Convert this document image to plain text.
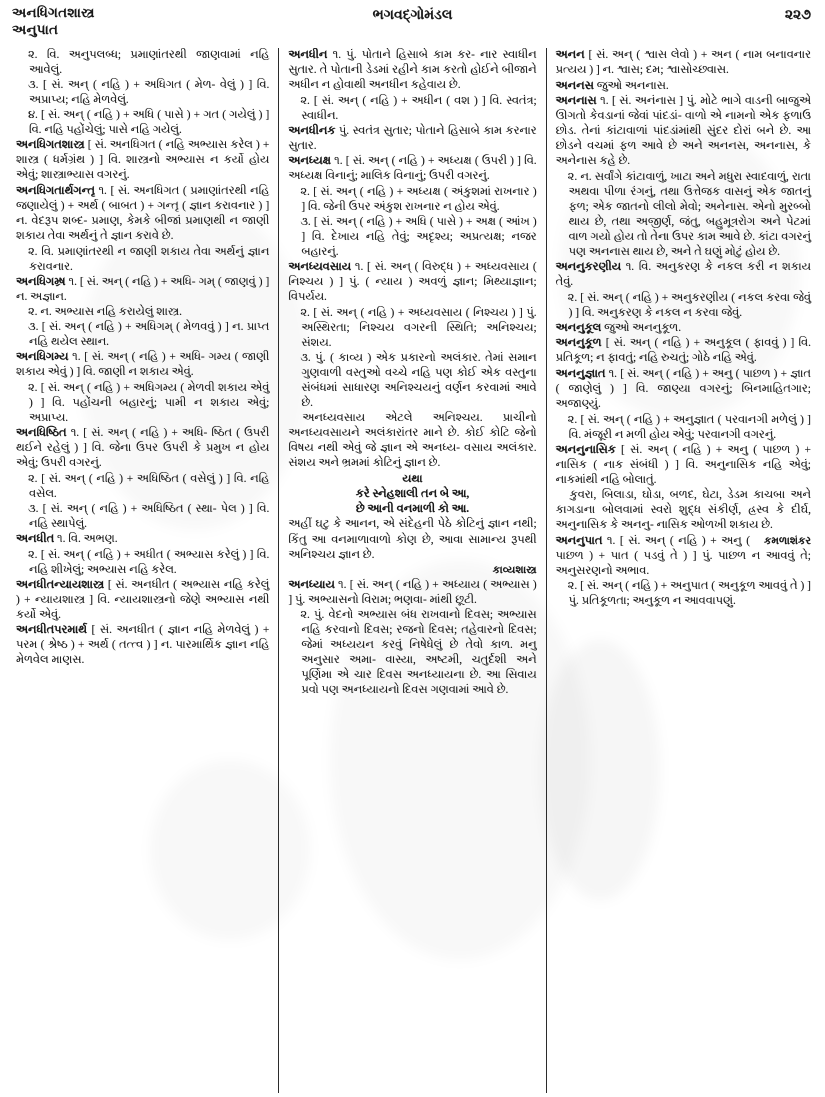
અનધિગતશાસ્ત્ર
અનુપાત
ભગવદ્ગોમંડલ	૨૨૭

૨. વિ. અનુપલબ્ધ; પ્રમાણાંતરથી જાણવામાં નહિ આવેલું.

૩. [ સં. અન્ ( નહિ ) + અધિગત ( મેળ- વેલું ) ] વિ. અપ્રાપ્ય; નહિ મેળવેલું.

૪. [ સં. અન્ ( નહિ ) + અધિ ( પાસે ) + ગત ( ગયેલું ) ] વિ. નહિ પહોંચેલું; પાસે નહિ ગયેલું.

અનધિગતશાસ્ત્ર [ સં. અનધિગત ( નહિ અભ્યાસ કરેલ ) + શાસ્ત્ર ( ધર્મગ્રંથ ) ] વિ. શાસ્ત્રનો અભ્યાસ ન કર્યો હોય એવું; શાસ્ત્રાભ્યાસ વગરનું.

અનધિગતાર્થગન્તૃ ૧. [ સં. અનધિગત ( પ્રમાણાંતરથી નહિ જણાયેલું ) + અર્થ ( બાબત ) + ગન્તૃ ( જ્ઞાન કરાવનાર ) ] ન. વેદરૂપ શબ્દ- પ્રમાણ, કેમકે બીજાં પ્રમાણથી ન જાણી શકાય તેવા અર્થનું તે જ્ઞાન કરાવે છે.

૨. વિ. પ્રમાણાંતરથી ન જાણી શકાય તેવા અર્થનું જ્ઞાન કરાવનાર.

અનધિગમ્ર્ષ ૧. [ સં. અન્ ( નહિ ) + અધિ- ગમ્ ( જાણવું ) ] ન. અજ્ઞાન.

૨. ન. અભ્યાસ નહિ કરાયેલું શાસ્ત્ર.

૩. [ સં. અન્ ( નહિ ) + અધિગમ્ ( મેળવવું ) ] ન. પ્રાપ્ત નહિ થયેલ સ્થાન.

અનધિગમ્ય ૧. [ સં. અન્ ( નહિ ) + અધિ- ગમ્ય ( જાણી શકાય એવું ) ] વિ. જાણી ન શકાય એવું.

૨. [ સં. અન્ ( નહિ ) + અધિગમ્ય ( મેળવી શકાય એવું ) ] વિ. પહોંચની બહારનું; પામી ન શકાય એવું; અપ્રાપ્ય.

અનધિષ્ઠિત ૧. [ સં. અન્ ( નહિ ) + અધિ- ષ્ઠિત ( ઉપરી થઈને રહેલું ) ] વિ. જેના ઉપર ઉપરી કે પ્રમુખ ન હોય એવું; ઉપરી વગરનું.

૨. [ સં. અન્ ( નહિ ) + અધિષ્ઠિત ( વસેલું ) ] વિ. નહિ વસેલ.

૩. [ સં. અન્ ( નહિ ) + અધિષ્ઠિત ( સ્થા- પેલ ) ] વિ. નહિ સ્થાપેલું.

અનધીત ૧. વિ. અભણ.

૨. [ સં. અન્ ( નહિ ) + અધીત ( અભ્યાસ કરેલું ) ] વિ. નહિ શીખેલું; અભ્યાસ નહિ કરેલ.

અનધીતન્યાયશાસ્ત્ર [ સં. અનધીત ( અભ્યાસ નહિ કરેલું ) + ન્યાયશાસ્ત્ર ] વિ. ન્યાયશાસ્ત્રનો જેણે અભ્યાસ નથી કર્યો એવું.

અનધીતપરમાર્થ [ સં. અનધીત ( જ્ઞાન નહિ મેળવેલું ) + પરમ ( શ્રેષ્ઠ ) + અર્થ ( તત્ત્વ ) ] ન. પારમાર્થિક જ્ઞાન નહિ મેળવેલ માણસ.

અનધીન ૧. પું. પોતાને હિસાબે કામ કર- નાર સ્વાધીન સુતાર. તે પોતાની ડેડમાં રહીને કામ કરતો હોઈને બીજાને અધીન ન હોવાથી અનધીન કહેવાય છે.

૨. [ સં. અન્ ( નહિ ) + અધીન ( વશ ) ] વિ. સ્વતંત્ર; સ્વાધીન.

અનધીનક પું. સ્વતંત્ર સુતાર; પોતાને હિસાબે કામ કરનાર સુતાર.

અનધ્યક્ષ ૧. [ સં. અન્ ( નહિ ) + અધ્યક્ષ ( ઉપરી ) ] વિ. અધ્યક્ષ વિનાનું; માલિક વિનાનું; ઉપરી વગરનું.

૨. [ સં. અન્ ( નહિ ) + અધ્યક્ષ ( અંકુશમાં રાખનાર ) ] વિ. જેની ઉપર અંકુશ રાખનાર ન હોય એવું.

૩. [ સં. અન્ ( નહિ ) + અધિ ( પાસે ) + અક્ષ ( આંખ ) ] વિ. દેખાય નહિ તેવું; અદૃશ્ય; અપ્રત્યક્ષ; નજર બહારનું.

અનધ્યવસાય ૧. [ સં. અન્ ( વિરુદ્ધ ) + અધ્યવસાય ( નિશ્ચય ) ] પું. ( ન્યાય ) અવળું જ્ઞાન; મિથ્યાજ્ઞાન; વિપર્યય.

૨. [ સં. અન્ ( નહિ ) + અધ્યવસાય ( નિશ્ચય ) ] પું. અસ્થિરતા; નિશ્ચય વગરની સ્થિતિ; અનિશ્ચય; સંશય.

૩. પું. ( કાવ્ય ) એક પ્રકારનો અલંકાર. તેમાં સમાન ગુણવાળી વસ્તુઓ વચ્ચે નહિ પણ કોઈ એક વસ્તુના સંબંધમાં સાધારણ અનિશ્ચયનું વર્ણન કરવામાં આવે છે.

અનધ્યવસાય એટલે અનિશ્ચય. પ્રાચીનો અનધ્યવસાયને અલંકારાંતર માને છે. કોઈ કોટિ જેનો વિષય નથી એવું જે જ્ઞાન એ અનધ્ય- વસાય અલંકાર. સંશય અને ભ્રમમાં કોટિનું જ્ઞાન છે.

યથા

કરે સ્નેહશાલી તન બે આ,

છે આની વનમાળી કો આ.

અહીં ઘટુ કે આનન, એ સંદેહની પેઠે કોટિનું જ્ઞાન નથી; કિંતુ આ વનમાળાવાળો કોણ છે, આવા સામાન્ય રૂપથી અનિશ્ચય જ્ઞાન છે.

કાવ્યશાસ્ત્ર

અનધ્યાય ૧. [ સં. અન્ ( નહિ ) + અધ્યાય ( અભ્યાસ ) ] પું. અભ્યાસનો વિરામ; ભણવા- માંથી છૂટી.

૨. પું. વેદનો અભ્યાસ બંધ રાખવાનો દિવસ; અભ્યાસ નહિ કરવાનો દિવસ; રજનો દિવસ; તહેવારનો દિવસ; જેમાં અધ્યયન કરવું નિષેધેલું છે તેવો કાળ. મનુ અનુસાર અમા- વાસ્યા, અષ્ટમી, ચતુર્દશી અને પૂર્ણિમા એ ચાર દિવસ અનધ્યાયના છે. આ સિવાય પ્રવો પણ અનધ્યાયનો દિવસ ગણવામાં આવે છે.

અનન [ સં. અન્ ( શ્વાસ લેવો ) + અન ( નામ બનાવનાર પ્રત્યય ) ] ન. શ્વાસ; દમ; શ્વાસોચ્છ્વાસ.

અનનસ જુઓ અનનાસ.

અનનાસ ૧. [ સં. અનંનાસ ] પું. મોટે ભાગે વાડની બાજુએ ઊગતો કેવડાનાં જેવાં પાંદડાં- વાળો એ નામનો એક ફળાઉ છોડ. તેનાં કાંટાવાળાં પાંદડાંમાંથી સુંદર દોરાં બને છે. આ છોડને વચમાં ફળ આવે છે અને અનનસ, અનનાસ, કે અનેનાસ કહે છે.

૨. ન. સર્વાંગે કાંટાવાળું, ખાટા અને મધુરા સ્વાદવાળું, રાતા અથવા પીળા રંગનું, તથા ઉત્તેજક વાસનું એક જાતનું ફળ; એક જાતનો લીલો મેવો; અનેનાસ. એનો મુરબ્બો થાય છે, તથા અજીર્ણ, જંતુ, બહુમૂત્રરોગ અને પેટમાં વાળ ગયો હોય તો તેના ઉપર કામ આવે છે. કાંટા વગરનું પણ અનનાસ થાય છે, અને તે ઘણું મોટું હોય છે.

અનનુકરણીય ૧. વિ. અનુકરણ કે નકલ કરી ન શકાય તેવું.

૨. [ સં. અન્ ( નહિ ) + અનુકરણીય ( નકલ કરવા જેવું ) ] વિ. અનુકરણ કે નકલ ન કરવા જેવું.

અનનુકૂલ જુઓ અનનુકૂળ.

અનનુકૂળ [ સં. અન્ ( નહિ ) + અનુકૂલ ( ફાવવું ) ] વિ. પ્રતિકૂળ; ન ફાવતું; નહિ રુચતું; ગોઠે નહિ એવું.

અનનુજ્ઞાત ૧. [ સં. અન્ ( નહિ ) + અનુ ( પાછળ ) + જ્ઞાત ( જાણેલું ) ] વિ. જાણ્યા વગરનું; બિનમાહિતગાર; અજાણ્યું.

૨. [ સં. અન્ ( નહિ ) + અનુજ્ઞાત ( પરવાનગી મળેલું ) ] વિ. મંજૂરી ન મળી હોય એવું; પરવાનગી વગરનું.

અનનુનાસિક [ સં. અન્ ( નહિ ) + અનુ ( પાછળ ) + નાસિક ( નાક સંબંધી ) ] વિ. અનુનાસિક નહિ એવું; નાકમાંથી નહિ બોલાતું.

કુવરા, બિલાડા, ઘોડા, બળદ, ઘેટા, ડેડમ કાચબા અને કાગડાના બોલવામાં સ્વરો શુદ્ધ સંકીર્ણ, હ્રસ્વ કે દીર્ઘ, અનુનાસિક કે અનનુ- નાસિક ઓળખી શકાય છે.
કમળાશંકર

અનનુપાત ૧. [ સં. અન્ ( નહિ ) + અનુ ( પાછળ ) + પાત ( પડવું તે ) ] પું. પાછળ ન આવવું તે; અનુસરણનો અભાવ.

૨. [ સં. અન્ ( નહિ ) + અનુપાત ( અનુકૂળ આવવું તે ) ] પું. પ્રતિકૂળતા; અનુકૂળ ન આવવાપણું.
